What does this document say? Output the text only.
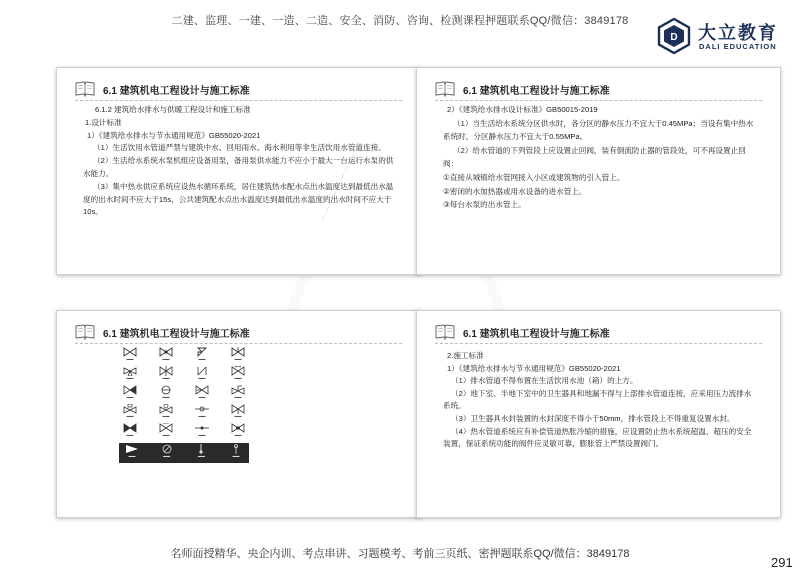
二建、监理、一建、一造、二造、安全、消防、咨询、检测课程押题联系QQ/微信：3849178
D 大立教育
DALI EDUCATION
6.1 建筑机电工程设计与施工标准

6.1.2 建筑给水排水与供暖工程设计和施工标准

1.设计标准

1）《建筑给水排水与节水通用规范》GB55020-2021

（1）生活饮用水管道严禁与建筑中水、回用雨水、海水利用等非生活饮用水管道连接。

（2）生活给水系统水泵机组应设备用泵，备用泵供水能力不应小于最大一台运行水泵的供水能力。

（3）集中热水供应系统应设热水循环系统，居住建筑热水配水点出水温度达到最低出水温度的出水时间不应大于15s，公共建筑配水点出水温度达到最低出水温度的出水时间不应大于10s。

6.1 建筑机电工程设计与施工标准

2）《建筑给水排水设计标准》GB50015-2019

（1）当生活给水系统分区供水时，各分区的静水压力不宜大于0.45MPa；当设有集中热水系统时，分区静水压力不宜大于0.55MPa。

（2）给水管道的下列管段上应设置止回阀，装有倒流防止器的管段处，可不再设置止回阀：

①直接从城镇给水管网接入小区或建筑物的引入管上。

②密闭的水加热器或用水设备的进水管上。

③每台水泵的出水管上。

— — — — — — — — — —
6.1 建筑机电工程设计与施工标准
▬▬	▬▬	▬▬	▬▬
▬▬	▬▬	▬▬	▬▬
▬▬	▬▬	▬▬	▬▬
▬▬	▬▬	▬▬	▬▬
▬▬	▬▬	▬▬	▬▬
▬▬	▬▬	▬▬	▬▬
6.1 建筑机电工程设计与施工标准

2.施工标准

1）《建筑给水排水与节水通用规范》GB55020-2021

（1）排水管道不得布置在生活饮用水池（箱）的上方。

（2）地下室、半地下室中的卫生器具和地漏不得与上部排水管道连接，应采用压力流排水系统。

（3）卫生器具水封装置的水封深度不得小于50mm，排水管段上不得重复设置水封。

（4）热水管道系统应有补偿管道热胀冷缩的措施，应设置防止热水系统超温、超压的安全装置，保证系统功能的阀件应灵敏可靠，膨胀管上严禁设置阀门。

名师面授精华、央企内训、考点串讲、习题模考、考前三页纸、密押题联系QQ/微信：3849178
291
